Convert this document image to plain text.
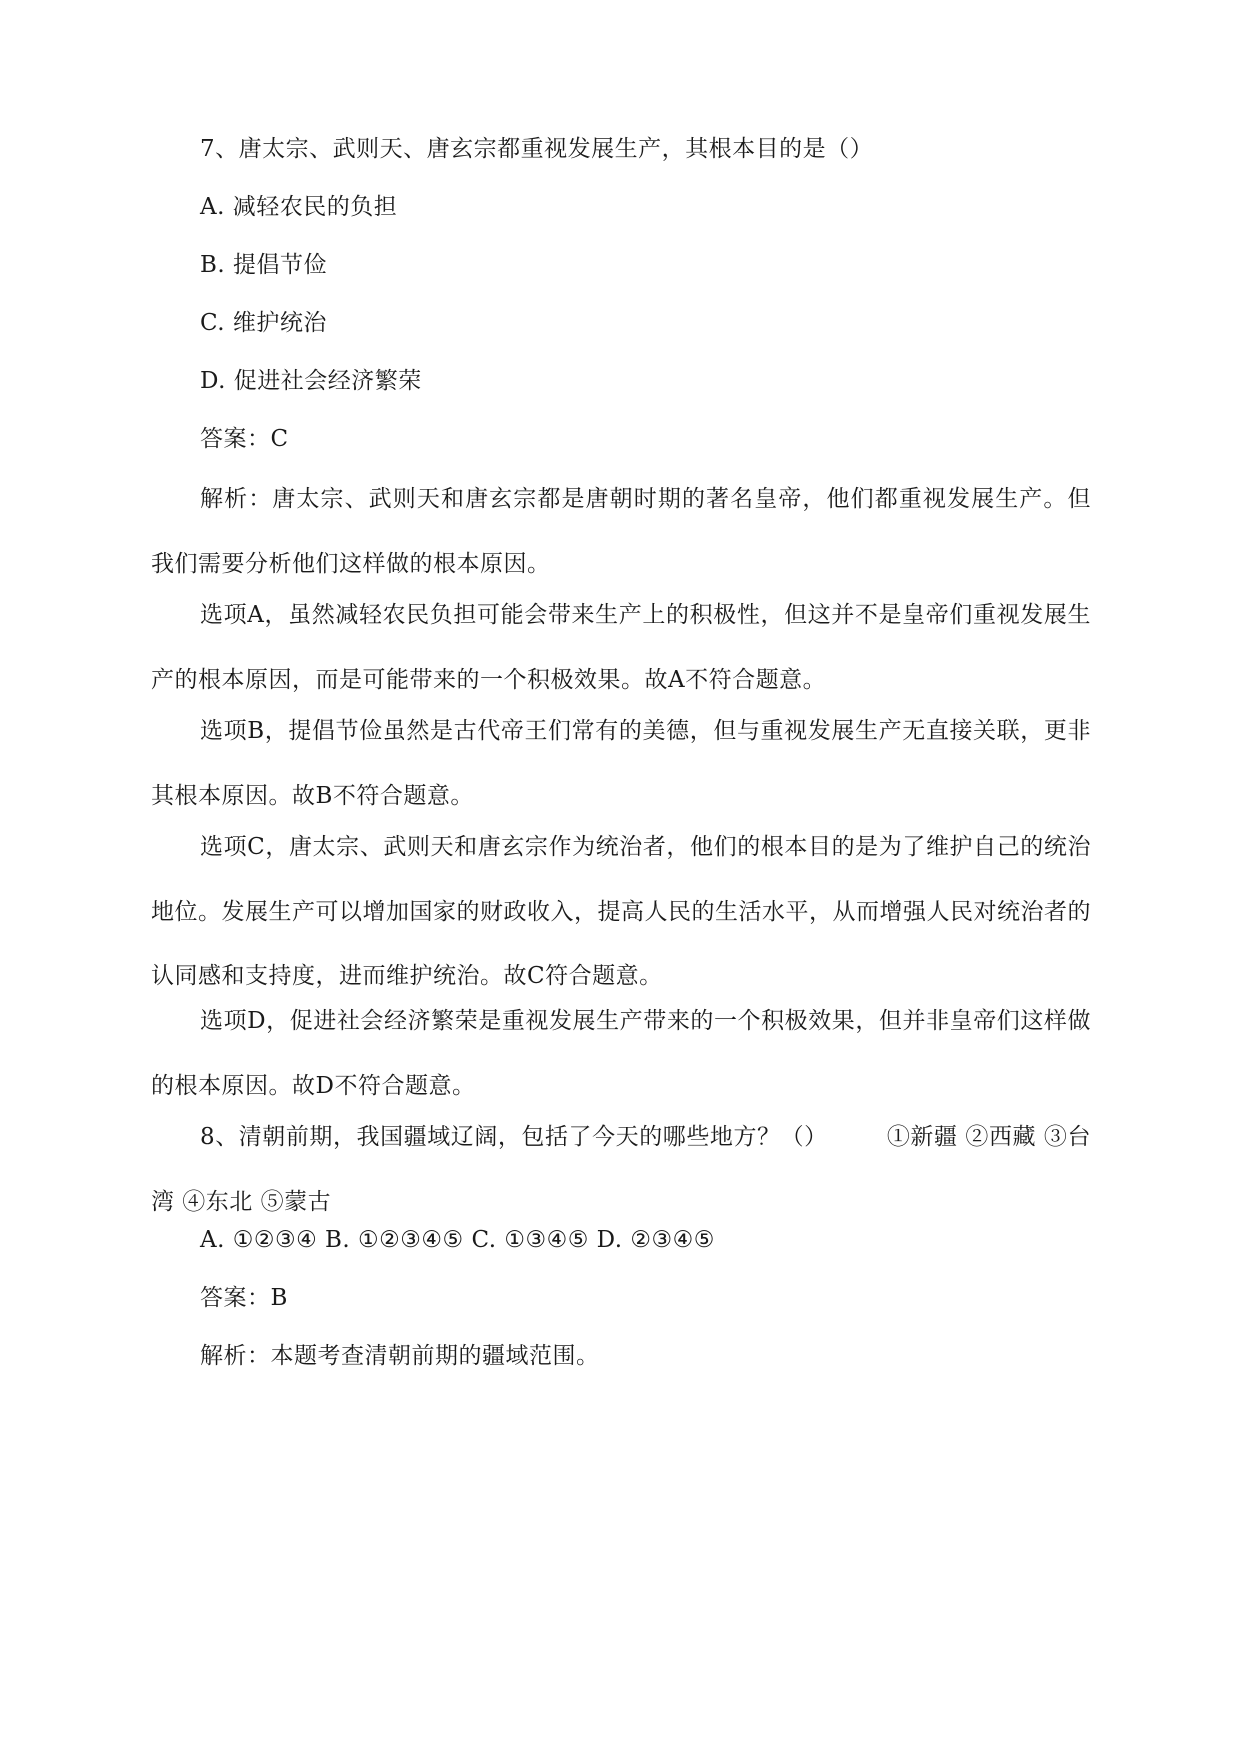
7、唐太宗、武则天、唐玄宗都重视发展生产，其根本目的是（）
A. 减轻农民的负担
B. 提倡节俭
C. 维护统治
D. 促进社会经济繁荣
答案：C
解析：唐太宗、武则天和唐玄宗都是唐朝时期的著名皇帝，他们都重视发展生产。但我们需要分析他们这样做的根本原因。
选项A，虽然减轻农民负担可能会带来生产上的积极性，但这并不是皇帝们重视发展生产的根本原因，而是可能带来的一个积极效果。故A不符合题意。
选项B，提倡节俭虽然是古代帝王们常有的美德，但与重视发展生产无直接关联，更非其根本原因。故B不符合题意。
选项C，唐太宗、武则天和唐玄宗作为统治者，他们的根本目的是为了维护自己的统治地位。发展生产可以增加国家的财政收入，提高人民的生活水平，从而增强人民对统治者的认同感和支持度，进而维护统治。故C符合题意。
选项D，促进社会经济繁荣是重视发展生产带来的一个积极效果，但并非皇帝们这样做的根本原因。故D不符合题意。
8、清朝前期，我国疆域辽阔，包括了今天的哪些地方？（）　　　①新疆 ②西藏 ③台湾 ④东北 ⑤蒙古
A. ①②③④ B. ①②③④⑤ C. ①③④⑤ D. ②③④⑤
答案：B
解析：本题考查清朝前期的疆域范围。
